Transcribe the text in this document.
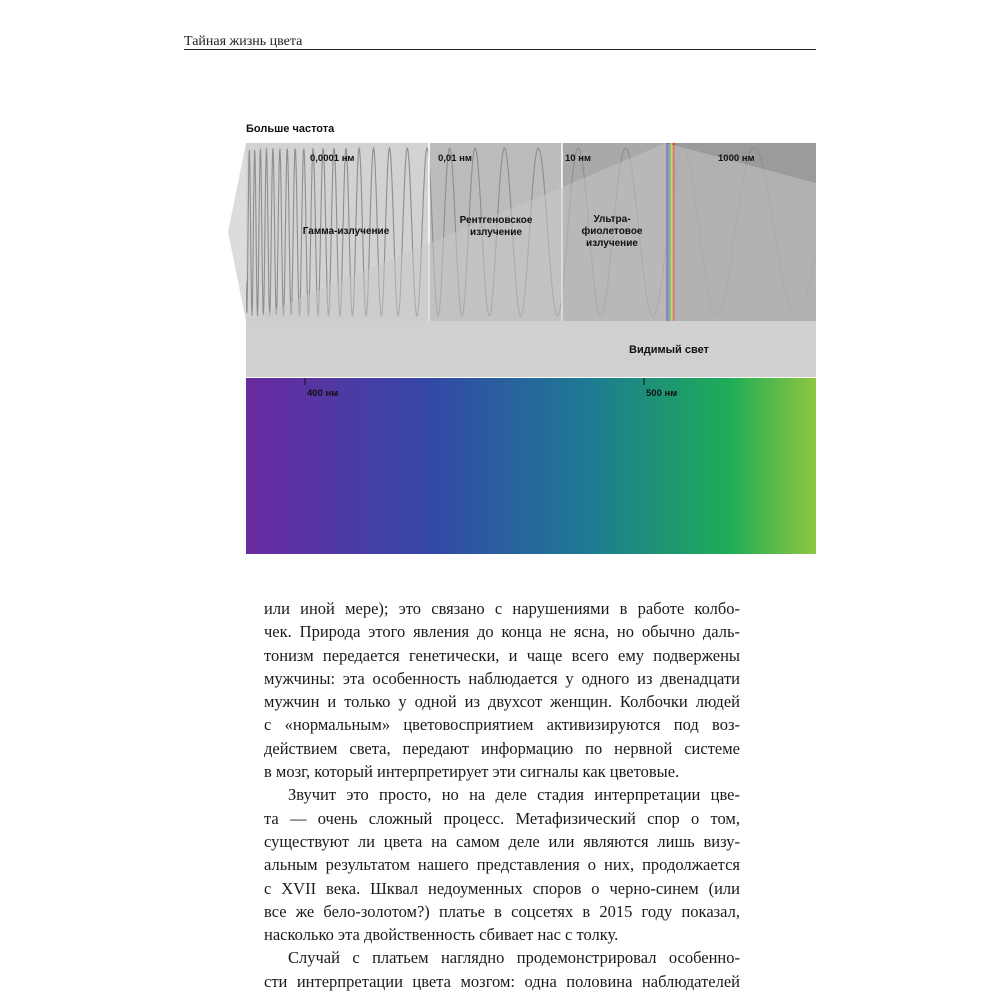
Тайная жизнь цвета
Больше частота
0,0001 нм	0,01 нм	10 нм	1000 нм
Гамма-излучение
Рентгеновское
излучение
Ультра-
фиолетовое
излучение
Видимый свет
400 нм	500 нм
или иной мере); это связано с нарушениями в работе колбо-
чек. Природа этого явления до конца не ясна, но обычно даль-
тонизм передается генетически, и чаще всего ему подвержены
мужчины: эта особенность наблюдается у одного из двенадцати
мужчин и только у одной из двухсот женщин. Колбочки людей
с «нормальным» цветовосприятием активизируются под воз-
действием света, передают информацию по нервной системе
в мозг, который интерпретирует эти сигналы как цветовые.
Звучит это просто, но на деле стадия интерпретации цве-
та — очень сложный процесс. Метафизический спор о том,
существуют ли цвета на самом деле или являются лишь визу-
альным результатом нашего представления о них, продолжается
с XVII века. Шквал недоуменных споров о черно-синем (или
все же бело-золотом?) платье в соцсетях в 2015 году показал,
насколько эта двойственность сбивает нас с толку.
Случай с платьем наглядно продемонстрировал особенно-
сти интерпретации цвета мозгом: одна половина наблюдателей
